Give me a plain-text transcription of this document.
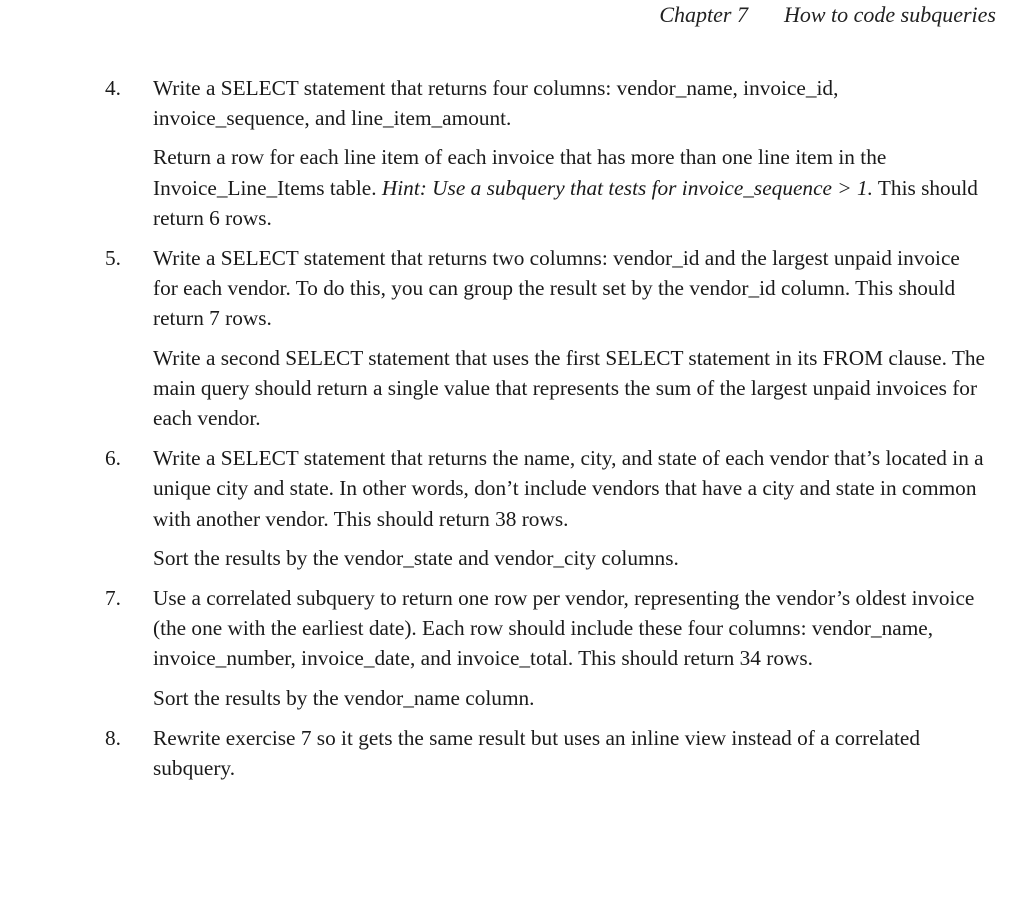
Chapter 7 How to code subqueries
4. Write a SELECT statement that returns four columns: vendor_name, invoice_id, invoice_sequence, and line_item_amount.

Return a row for each line item of each invoice that has more than one line item in the Invoice_Line_Items table. Hint: Use a subquery that tests for invoice_sequence > 1. This should return 6 rows.

5. Write a SELECT statement that returns two columns: vendor_id and the largest unpaid invoice for each vendor. To do this, you can group the result set by the vendor_id column. This should return 7 rows.

Write a second SELECT statement that uses the first SELECT statement in its FROM clause. The main query should return a single value that represents the sum of the largest unpaid invoices for each vendor.

6. Write a SELECT statement that returns the name, city, and state of each vendor that’s located in a unique city and state. In other words, don’t include vendors that have a city and state in common with another vendor. This should return 38 rows.

Sort the results by the vendor_state and vendor_city columns.

7. Use a correlated subquery to return one row per vendor, representing the vendor’s oldest invoice (the one with the earliest date). Each row should include these four columns: vendor_name, invoice_number, invoice_date, and invoice_total. This should return 34 rows.

Sort the results by the vendor_name column.

8. Rewrite exercise 7 so it gets the same result but uses an inline view instead of a correlated subquery.
